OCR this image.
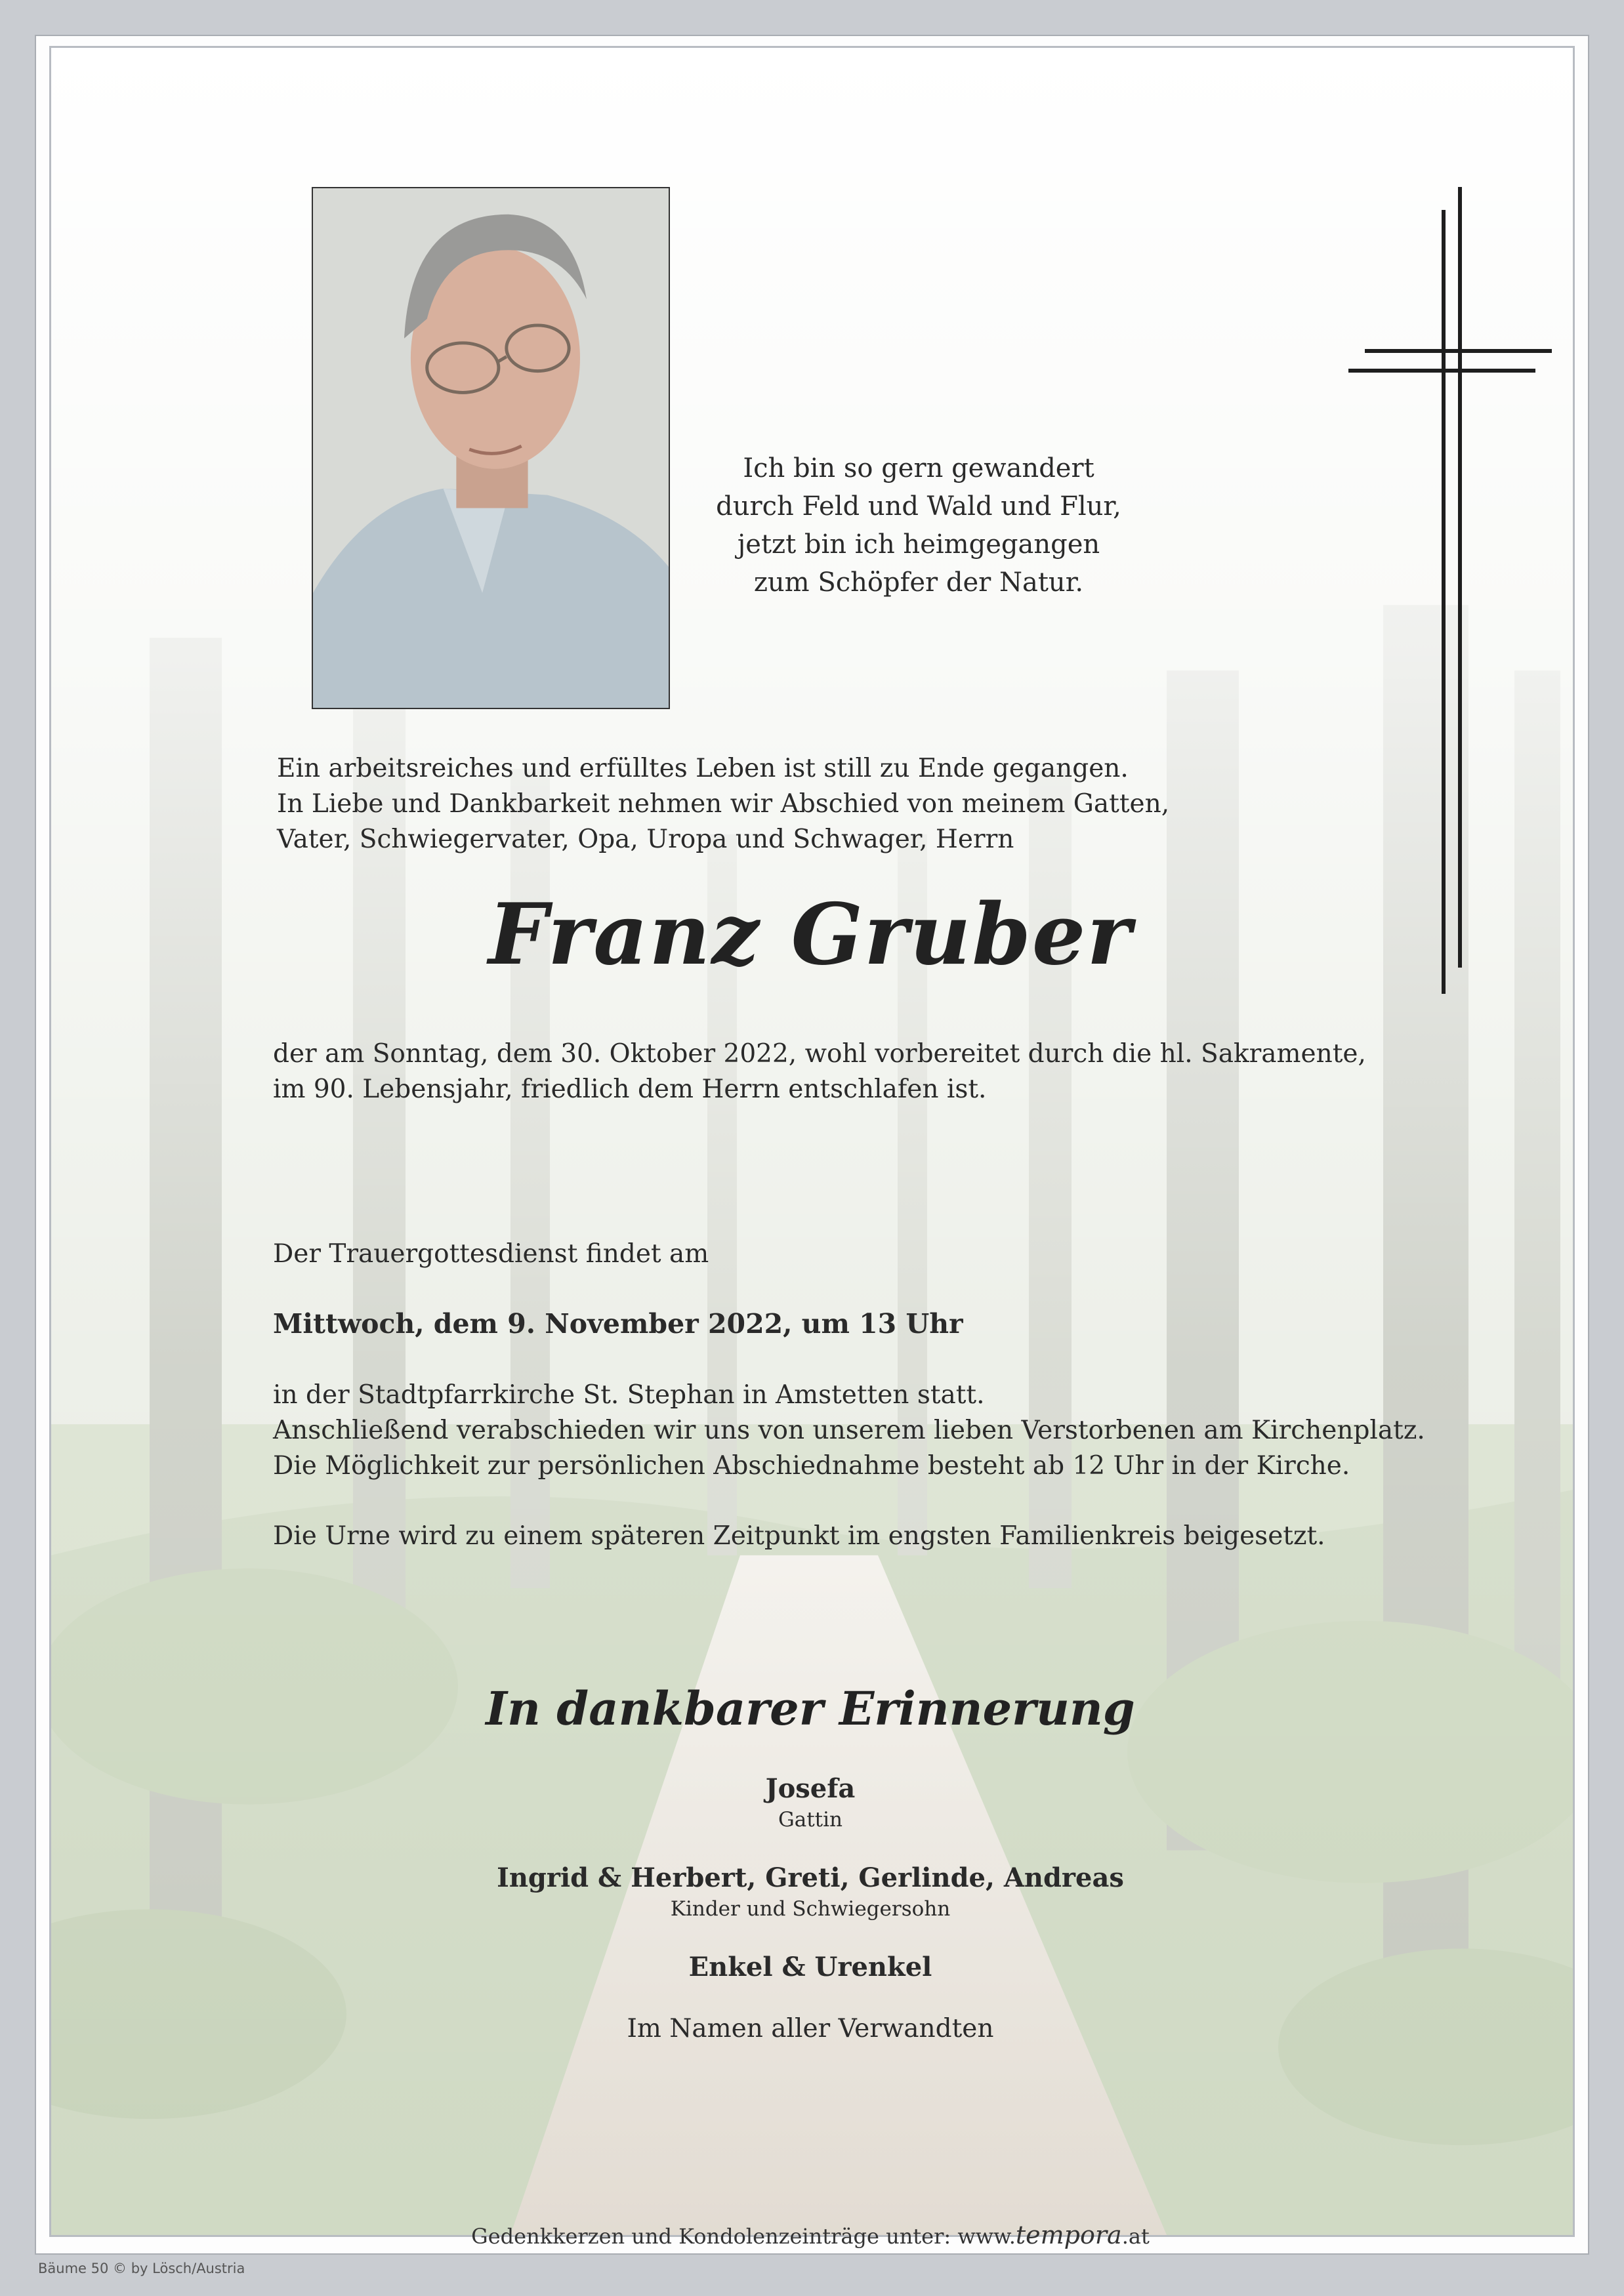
Ich bin so gern gewandert
durch Feld und Wald und Flur,
jetzt bin ich heimgegangen
zum Schöpfer der Natur.
Ein arbeitsreiches und erfülltes Leben ist still zu Ende gegangen.
In Liebe und Dankbarkeit nehmen wir Abschied von meinem Gatten,
Vater, Schwiegervater, Opa, Uropa und Schwager, Herrn
Franz Gruber
der am Sonntag, dem 30. Oktober 2022, wohl vorbereitet durch die hl. Sakramente,
im 90. Lebensjahr, friedlich dem Herrn entschlafen ist.
Der Trauergottesdienst findet am
Mittwoch, dem 9. November 2022, um 13 Uhr
in der Stadtpfarrkirche St. Stephan in Amstetten statt.
Anschließend verabschieden wir uns von unserem lieben Verstorbenen am Kirchenplatz.
Die Möglichkeit zur persönlichen Abschiednahme besteht ab 12 Uhr in der Kirche.
Die Urne wird zu einem späteren Zeitpunkt im engsten Familienkreis beigesetzt.
In dankbarer Erinnerung
Josefa
Gattin
Ingrid & Herbert, Greti, Gerlinde, Andreas
Kinder und Schwiegersohn
Enkel & Urenkel
Im Namen aller Verwandten
Gedenkkerzen und Kondolenzeinträge unter: www.tempora.at
Bäume 50 © by Lösch/Austria
